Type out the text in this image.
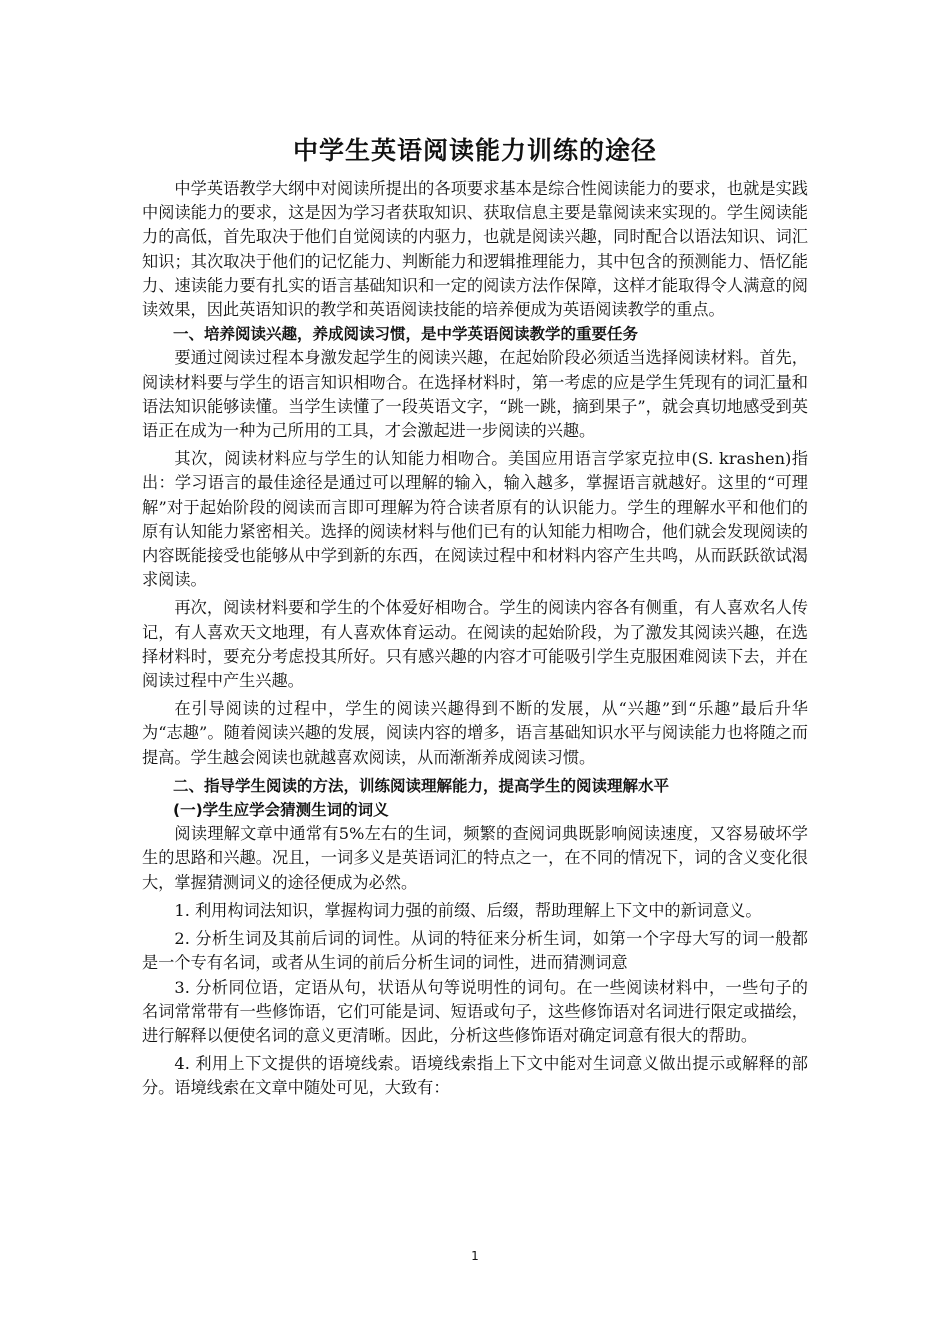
中学生英语阅读能力训练的途径

中学英语教学大纲中对阅读所提出的各项要求基本是综合性阅读能力的要求，也就是实践中阅读能力的要求，这是因为学习者获取知识、获取信息主要是靠阅读来实现的。学生阅读能力的高低，首先取决于他们自觉阅读的内驱力，也就是阅读兴趣，同时配合以语法知识、词汇知识；其次取决于他们的记忆能力、判断能力和逻辑推理能力，其中包含的预测能力、悟忆能力、速读能力要有扎实的语言基础知识和一定的阅读方法作保障，这样才能取得令人满意的阅读效果，因此英语知识的教学和英语阅读技能的培养便成为英语阅读教学的重点。

一、培养阅读兴趣，养成阅读习惯，是中学英语阅读教学的重要任务

要通过阅读过程本身激发起学生的阅读兴趣，在起始阶段必须适当选择阅读材料。首先，阅读材料要与学生的语言知识相吻合。在选择材料时，第一考虑的应是学生凭现有的词汇量和语法知识能够读懂。当学生读懂了一段英语文字，“跳一跳，摘到果子”，就会真切地感受到英语正在成为一种为己所用的工具，才会激起进一步阅读的兴趣。

其次，阅读材料应与学生的认知能力相吻合。美国应用语言学家克拉申(S. krashen)指出：学习语言的最佳途径是通过可以理解的输入，输入越多，掌握语言就越好。这里的“可理解”对于起始阶段的阅读而言即可理解为符合读者原有的认识能力。学生的理解水平和他们的原有认知能力紧密相关。选择的阅读材料与他们已有的认知能力相吻合，他们就会发现阅读的内容既能接受也能够从中学到新的东西，在阅读过程中和材料内容产生共鸣，从而跃跃欲试渴求阅读。

再次，阅读材料要和学生的个体爱好相吻合。学生的阅读内容各有侧重，有人喜欢名人传记，有人喜欢天文地理，有人喜欢体育运动。在阅读的起始阶段，为了激发其阅读兴趣，在选择材料时，要充分考虑投其所好。只有感兴趣的内容才可能吸引学生克服困难阅读下去，并在阅读过程中产生兴趣。

在引导阅读的过程中，学生的阅读兴趣得到不断的发展，从“兴趣”到“乐趣”最后升华为“志趣”。随着阅读兴趣的发展，阅读内容的增多，语言基础知识水平与阅读能力也将随之而提高。学生越会阅读也就越喜欢阅读，从而渐渐养成阅读习惯。

二、指导学生阅读的方法，训练阅读理解能力，提高学生的阅读理解水平

(一)学生应学会猜测生词的词义

阅读理解文章中通常有5%左右的生词，频繁的查阅词典既影响阅读速度，又容易破坏学生的思路和兴趣。况且，一词多义是英语词汇的特点之一，在不同的情况下，词的含义变化很大，掌握猜测词义的途径便成为必然。

1. 利用构词法知识，掌握构词力强的前缀、后缀，帮助理解上下文中的新词意义。

2. 分析生词及其前后词的词性。从词的特征来分析生词，如第一个字母大写的词一般都是一个专有名词，或者从生词的前后分析生词的词性，进而猜测词意

3. 分析同位语，定语从句，状语从句等说明性的词句。在一些阅读材料中，一些句子的名词常常带有一些修饰语，它们可能是词、短语或句子，这些修饰语对名词进行限定或描绘，进行解释以便使名词的意义更清晰。因此，分析这些修饰语对确定词意有很大的帮助。

4. 利用上下文提供的语境线索。语境线索指上下文中能对生词意义做出提示或解释的部分。语境线索在文章中随处可见，大致有：

1
